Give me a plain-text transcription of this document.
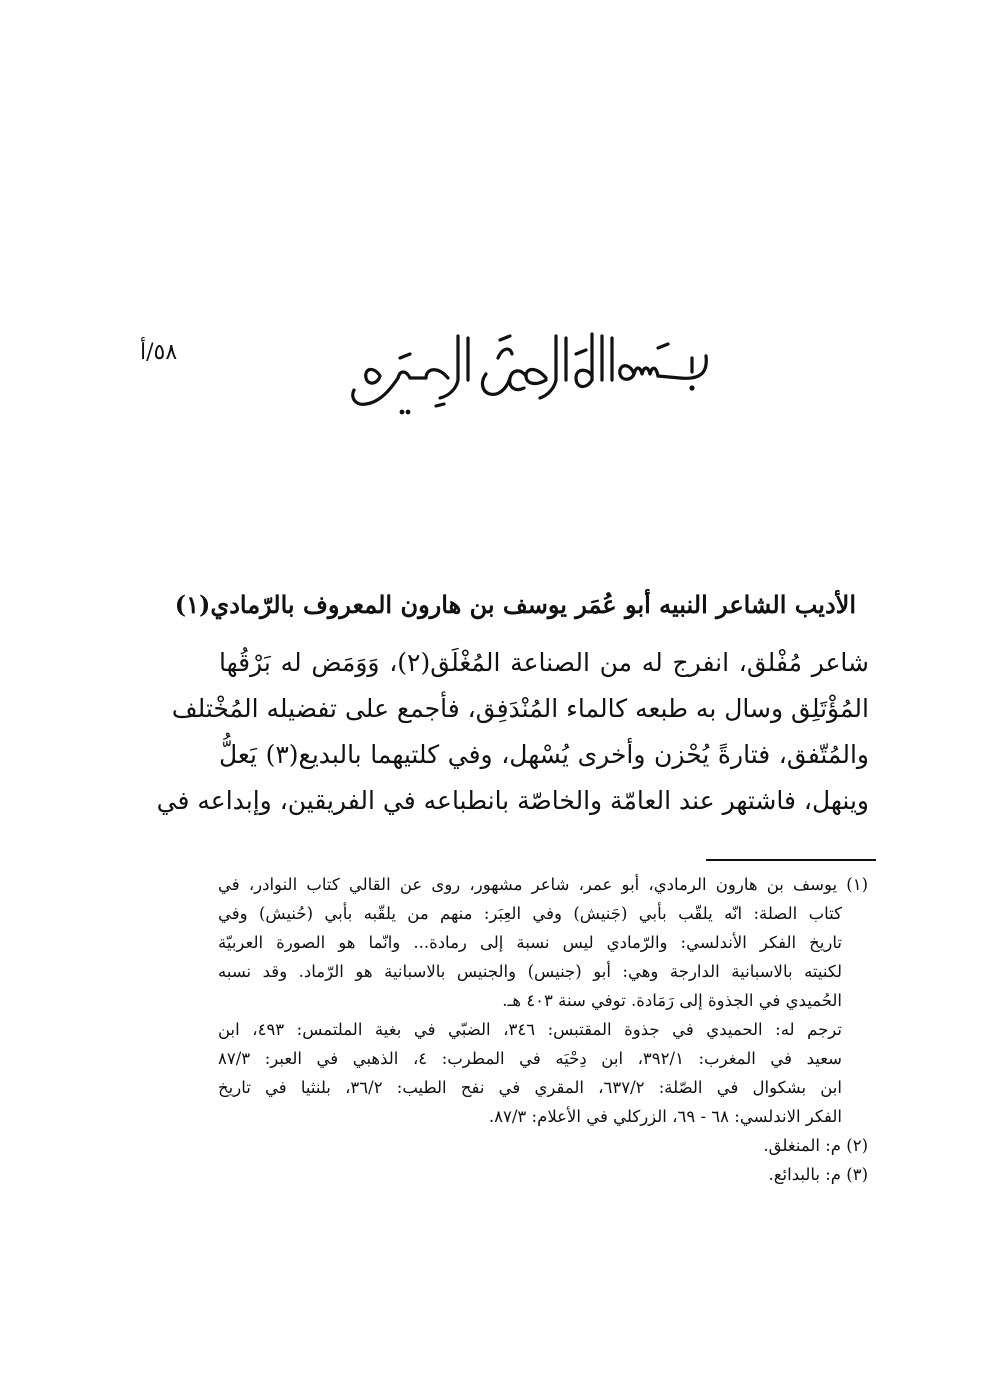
٥٨/أ
الأديب الشاعر النبيه أبو عُمَر يوسف بن هارون المعروف بالرّمادي(١)
شاعر مُفْلق، انفرج له من الصناعة المُغْلَق(٢)، وَوَمَض له بَرْقُها
المُؤْتَلِق وسال به طبعه كالماء المُنْدَفِق، فأجمع على تفضيله المُخْتلف
والمُتّفق، فتارةً يُحْزن وأخرى يُسْهل، وفي كلتيهما بالبديع(٣) يَعلُّ
وينهل، فاشتهر عند العامّة والخاصّة بانطباعه في الفريقين، وإبداعه في
(١) يوسف بن هارون الرمادي، أبو عمر، شاعر مشهور، روى عن القالي كتاب النوادر، في
كتاب الصلة: انّه يلقّب بأبي (جَنيش) وفي العِبَر: منهم من يلقّبه بأبي (حُنيش) وفي
تاريخ الفكر الأندلسي: والرّمادي ليس نسبة إلى رمادة... وانّما هو الصورة العربيّة
لكنيته بالاسبانية الدارجة وهي: أبو (جنيس) والجنيس بالاسبانية هو الرّماد. وقد نسبه
الحُميدي في الجذوة إلى رَمَادة. توفي سنة ٤٠٣ هـ.
ترجم له: الحميدي في جذوة المقتبس: ٣٤٦، الضبّي في بغية الملتمس: ٤٩٣، ابن
سعيد في المغرب: ٣٩٢/١، ابن دِحْيَه في المطرب: ٤، الذهبي في العبر: ٨٧/٣
ابن بشكوال في الصّلة: ٦٣٧/٢، المقري في نفح الطيب: ٣٦/٢، بلنثيا في تاريخ
الفكر الاندلسي: ٦٨ - ٦٩، الزركلي في الأعلام: ٨٧/٣.
(٢) م: المنغلق.
(٣) م: بالبدائع.
